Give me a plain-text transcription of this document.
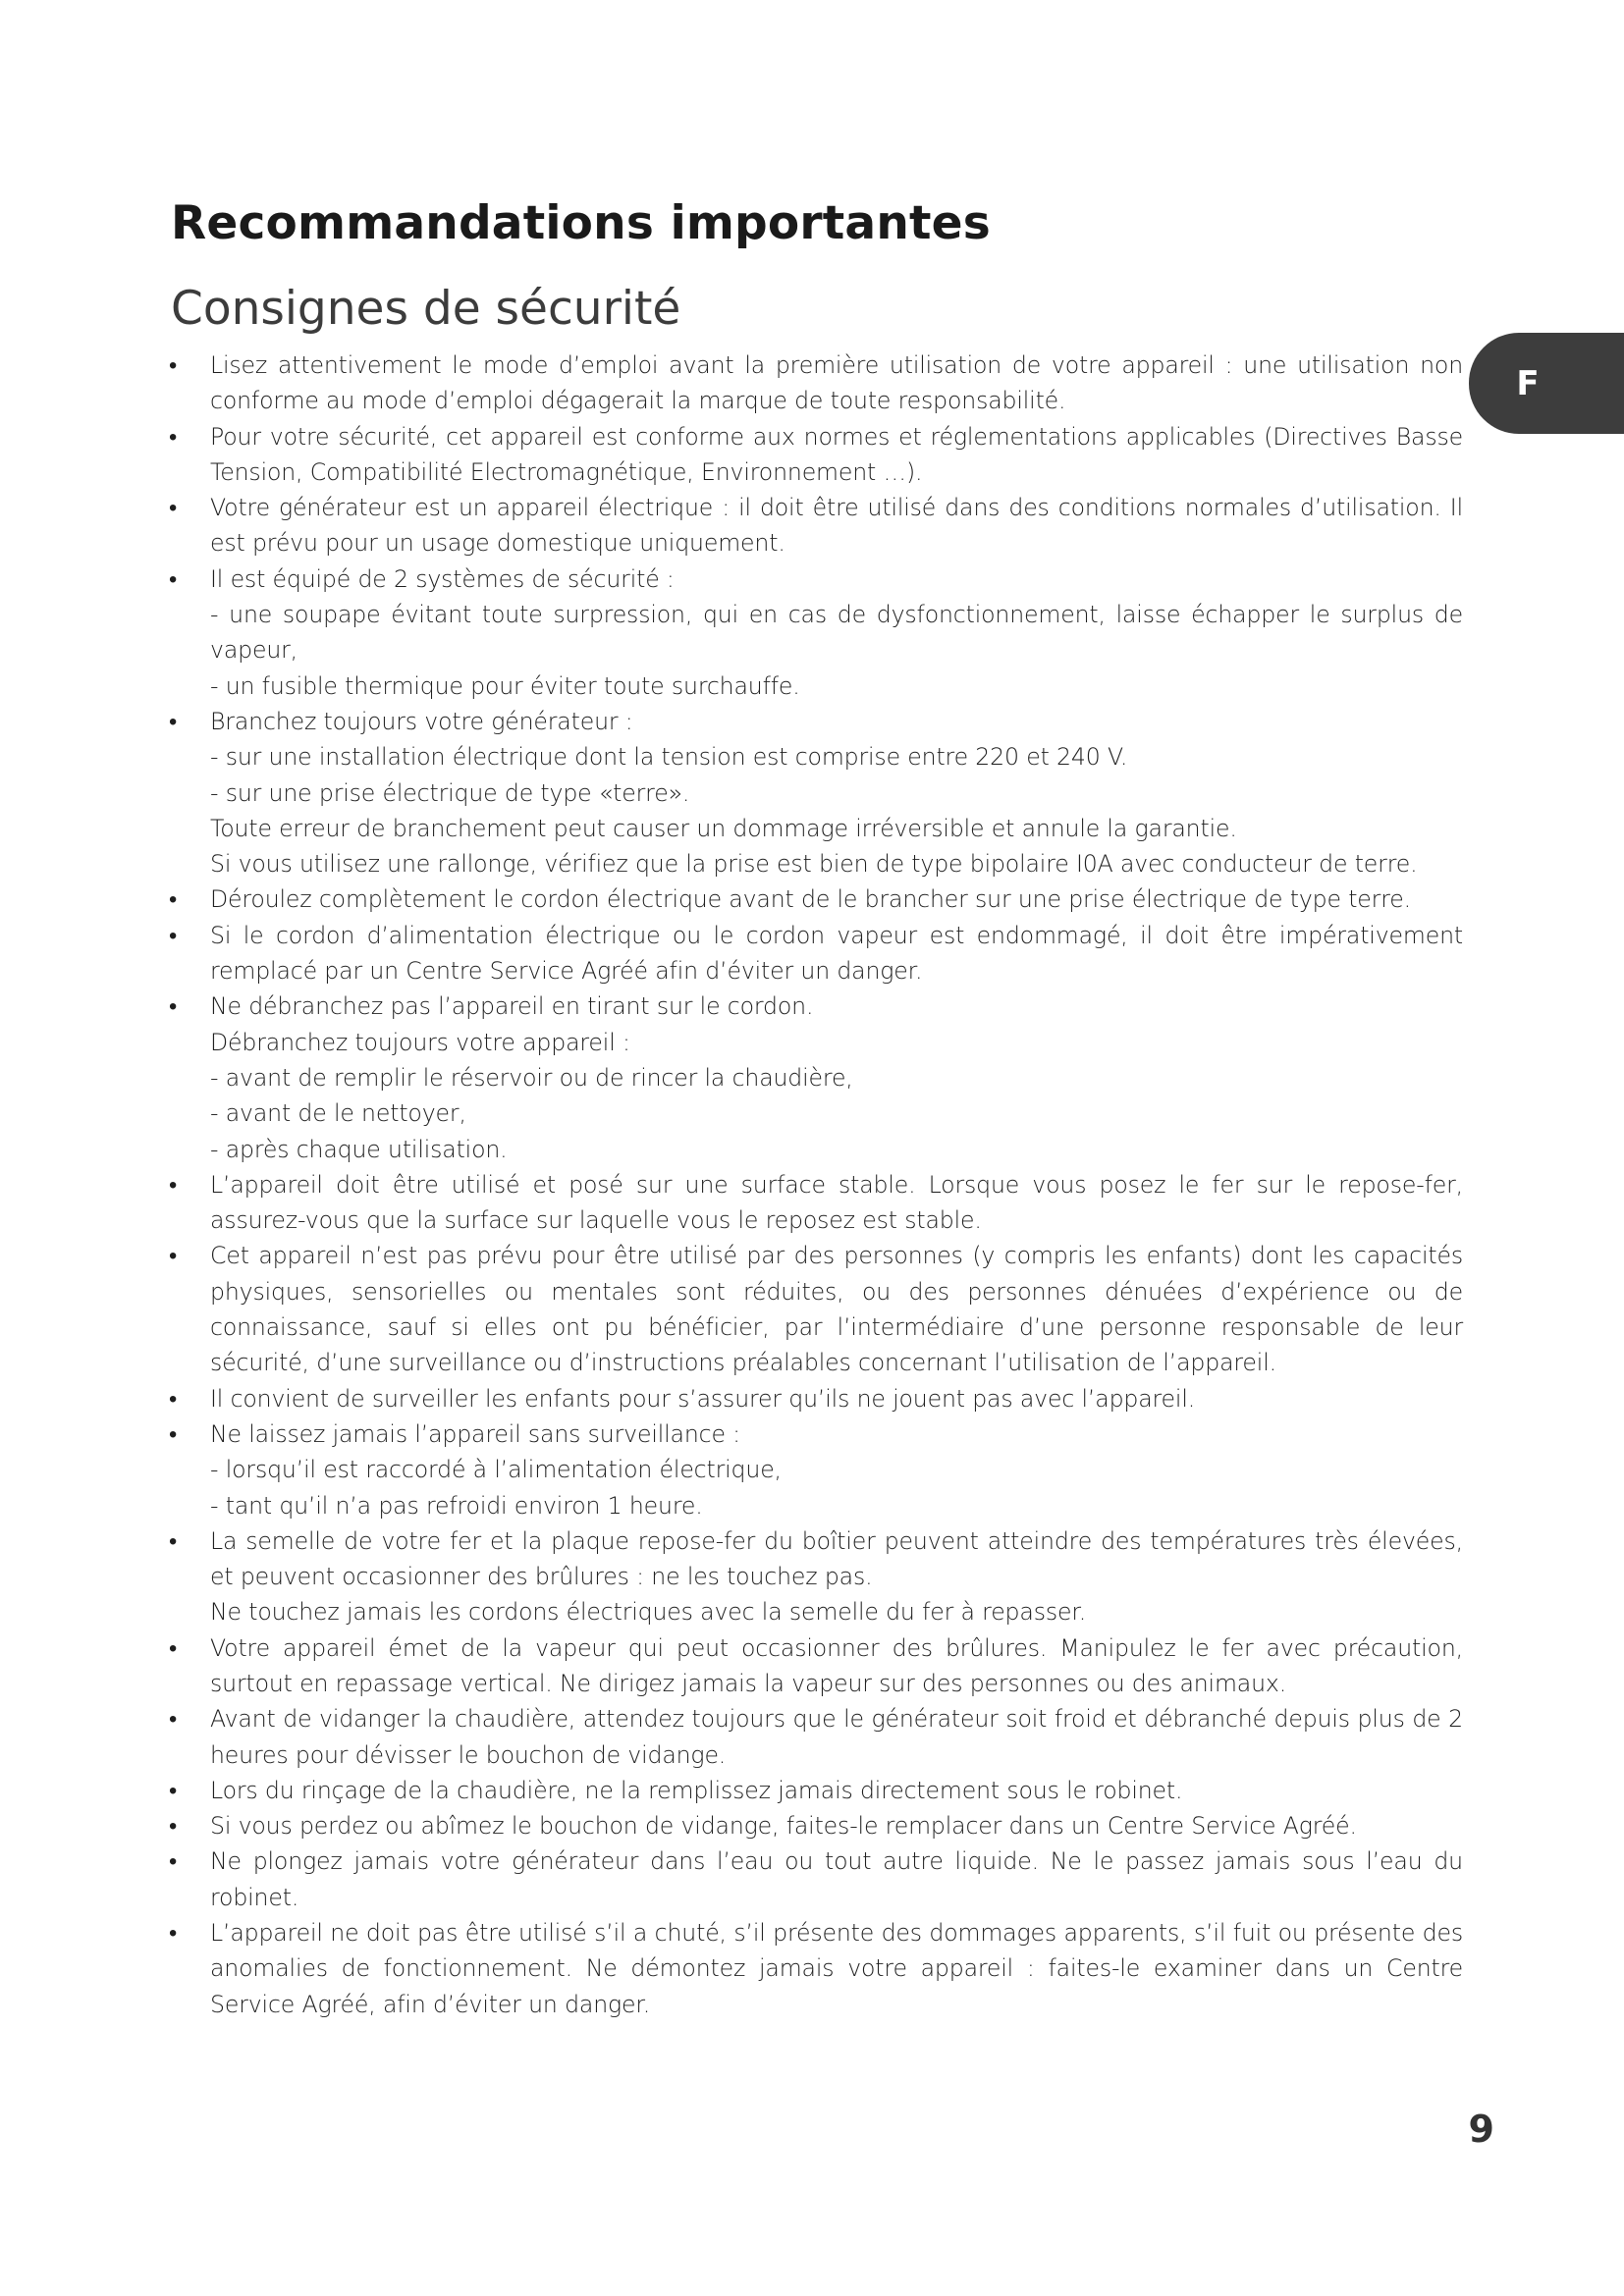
Recommandations importantes
Consignes de sécurité
F
•	Lisez attentivement le mode d’emploi avant la première utilisation de votre appareil : une utilisation non conforme au mode d’emploi dégagerait la marque de toute responsabilité.

•	Pour votre sécurité, cet appareil est conforme aux normes et réglementations applicables (Directives Basse Tension, Compatibilité Electromagnétique, Environnement …).

•	Votre générateur est un appareil électrique : il doit être utilisé dans des conditions normales d’utilisation. Il est prévu pour un usage domestique uniquement.

•	Il est équipé de 2 systèmes de sécurité :

- une soupape évitant toute surpression, qui en cas de dysfonctionnement, laisse échapper le surplus de vapeur,

- un fusible thermique pour éviter toute surchauffe.

•	Branchez toujours votre générateur :

- sur une installation électrique dont la tension est comprise entre 220 et 240 V.

- sur une prise électrique de type «terre».

Toute erreur de branchement peut causer un dommage irréversible et annule la garantie.

Si vous utilisez une rallonge, vérifiez que la prise est bien de type bipolaire I0A avec conducteur de terre.

•	Déroulez complètement le cordon électrique avant de le brancher sur une prise électrique de type terre.

•	Si le cordon d’alimentation électrique ou le cordon vapeur est endommagé, il doit être impérativement remplacé par un Centre Service Agréé afin d’éviter un danger.

•	Ne débranchez pas l’appareil en tirant sur le cordon.

Débranchez toujours votre appareil :

- avant de remplir le réservoir ou de rincer la chaudière,

- avant de le nettoyer,

- après chaque utilisation.

•	L’appareil doit être utilisé et posé sur une surface stable. Lorsque vous posez le fer sur le repose-fer, assurez-vous que la surface sur laquelle vous le reposez est stable.

•	Cet appareil n’est pas prévu pour être utilisé par des personnes (y compris les enfants) dont les capacités physiques, sensorielles ou mentales sont réduites, ou des personnes dénuées d’expérience ou de connaissance, sauf si elles ont pu bénéficier, par l’intermédiaire d’une personne responsable de leur sécurité, d’une surveillance ou d’instructions préalables concernant l’utilisation de l’appareil.

•	Il convient de surveiller les enfants pour s’assurer qu’ils ne jouent pas avec l’appareil.

•	Ne laissez jamais l’appareil sans surveillance :

- lorsqu’il est raccordé à l’alimentation électrique,

- tant qu’il n’a pas refroidi environ 1 heure.

•	La semelle de votre fer et la plaque repose-fer du boîtier peuvent atteindre des températures très élevées, et peuvent occasionner des brûlures : ne les touchez pas.

Ne touchez jamais les cordons électriques avec la semelle du fer à repasser.

•	Votre appareil émet de la vapeur qui peut occasionner des brûlures. Manipulez le fer avec précaution, surtout en repassage vertical. Ne dirigez jamais la vapeur sur des personnes ou des animaux.

•	Avant de vidanger la chaudière, attendez toujours que le générateur soit froid et débranché depuis plus de 2 heures pour dévisser le bouchon de vidange.

•	Lors du rinçage de la chaudière, ne la remplissez jamais directement sous le robinet.

•	Si vous perdez ou abîmez le bouchon de vidange, faites-le remplacer dans un Centre Service Agréé.

•	Ne plongez jamais votre générateur dans l’eau ou tout autre liquide. Ne le passez jamais sous l’eau du robinet.

•	L’appareil ne doit pas être utilisé s’il a chuté, s’il présente des dommages apparents, s’il fuit ou présente des anomalies de fonctionnement. Ne démontez jamais votre appareil : faites-le examiner dans un Centre Service Agréé, afin d’éviter un danger.

9
